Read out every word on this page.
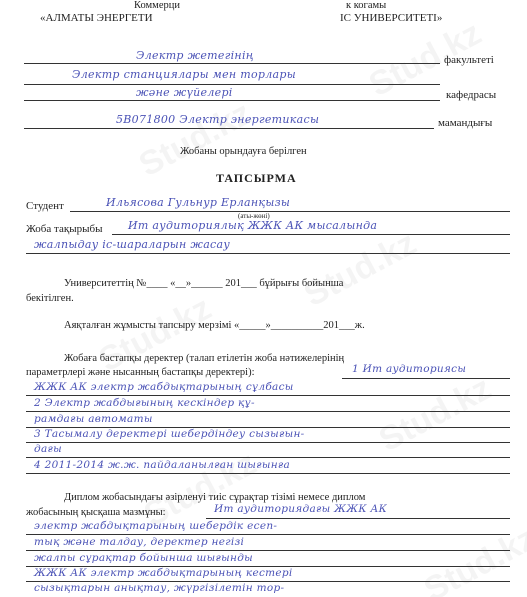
Коммерци
«АЛМАТЫ ЭНЕРГЕТИ
к когамы
ІС УНИВЕРСИТЕТІ»
Электр жетегінің	факультеті
Электр станциялары мен торлары
және жүйелері	кафедрасы
5В071800 Электр энергетикасы	мамандығы
Жобаны орындауға берілген
ТАПСЫРМА
Студент	Ильясова Гульнур Ерланқызы
(аты-жөні)
Жоба тақырыбы Ит аудиториялық ЖЖК АК мысалында
жалпыдау іс-шараларын жасау
Университеттің №____ «__»______ 201___ бұйрығы бойынша
бекітілген.
Аяқталған жұмысты тапсыру мерзімі «_____»__________201___ж.
Жобаға бастапқы деректер (талап етілетін жоба нәтижелерінің
параметрлері және нысанның бастапқы деректері):	1 Ит аудиториясы
ЖЖК АК электр жабдықтарының сұлбасы
2 Электр жабдығының кескіндер құ-
рамдағы автоматы
3 Тасымалу деректері шебердіндеу сызығын-
дағы
4 2011-2014 ж.ж. пайдаланылған шығынға
Диплом жобасындағы әзірленуі тиіс сұрақтар тізімі немесе диплом
жобасының қысқаша мазмұны:	Ит аудиториядағы ЖЖК АК
электр жабдықтарының шебердік есеп-
тық және талдау, деректер негізі
жалпы сұрақтар бойынша шығынды
ЖЖК АК электр жабдықтарының кестері
сызықтарын анықтау, жүргізілетін тор-
